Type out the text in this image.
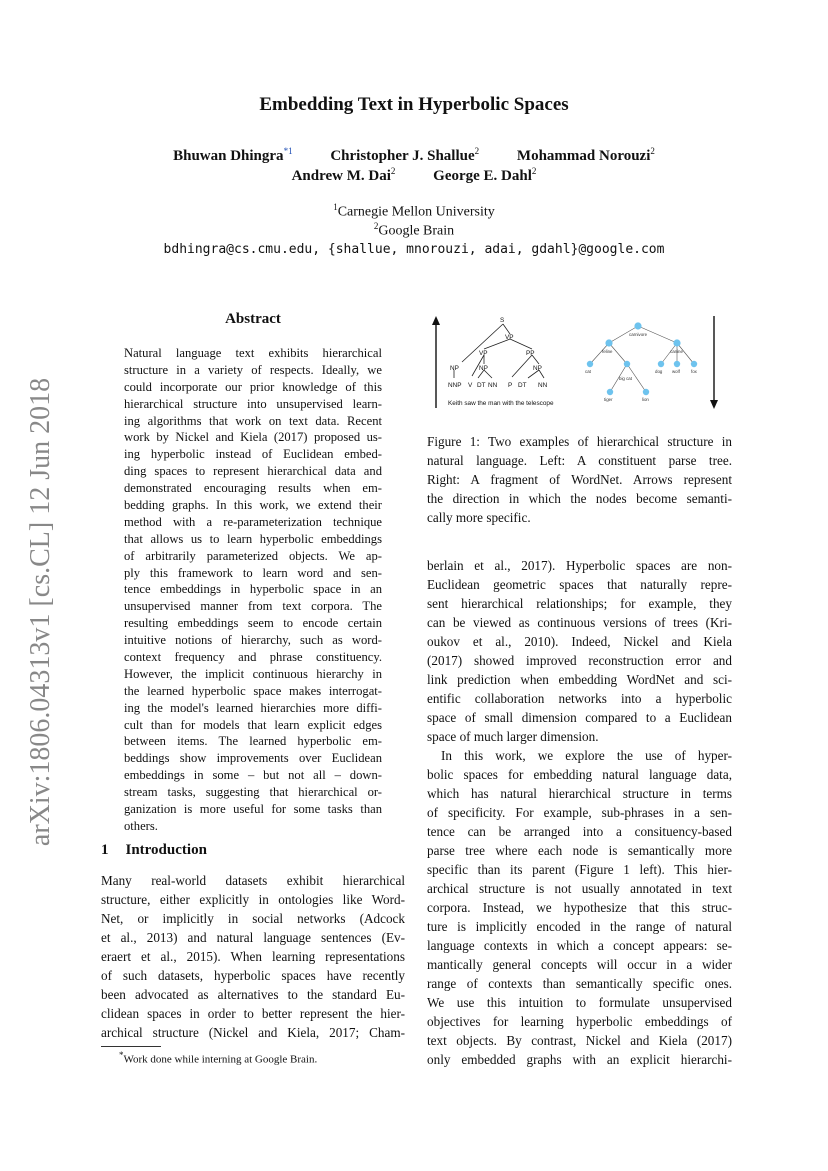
arXiv:1806.04313v1 [cs.CL] 12 Jun 2018
Embedding Text in Hyperbolic Spaces
Bhuwan Dhingra$^{*1}$	Christopher J. Shallue$^2$	Mohammad Norouzi$^2$
Andrew M. Dai$^2$	George E. Dahl$^2$
$^1$Carnegie Mellon University
$^2$Google Brain
bdhingra@cs.cmu.edu, {shallue, mnorouzi, adai, gdahl}@google.com
Abstract
Natural language text exhibits hierarchical
structure in a variety of respects. Ideally, we
could incorporate our prior knowledge of this
hierarchical structure into unsupervised learn-
ing algorithms that work on text data. Recent
work by Nickel and Kiela (2017) proposed us-
ing hyperbolic instead of Euclidean embed-
ding spaces to represent hierarchical data and
demonstrated encouraging results when em-
bedding graphs. In this work, we extend their
method with a re-parameterization technique
that allows us to learn hyperbolic embeddings
of arbitrarily parameterized objects. We ap-
ply this framework to learn word and sen-
tence embeddings in hyperbolic space in an
unsupervised manner from text corpora. The
resulting embeddings seem to encode certain
intuitive notions of hierarchy, such as word-
context frequency and phrase constituency.
However, the implicit continuous hierarchy in
the learned hyperbolic space makes interrogat-
ing the model's learned hierarchies more diffi-
cult than for models that learn explicit edges
between items. The learned hyperbolic em-
beddings show improvements over Euclidean
embeddings in some – but not all – down-
stream tasks, suggesting that hierarchical or-
ganization is more useful for some tasks than
others.
1 Introduction
Many real-world datasets exhibit hierarchical
structure, either explicitly in ontologies like Word-
Net, or implicitly in social networks (Adcock
et al., 2013) and natural language sentences (Ev-
eraert et al., 2015). When learning representations
of such datasets, hyperbolic spaces have recently
been advocated as alternatives to the standard Eu-
clidean spaces in order to better represent the hier-
archical structure (Nickel and Kiela, 2017; Cham-
*Work done while interning at Google Brain.
S
VP
VP	PP
NP	NP	NP
NNP V DT NN P DT NN
Keith saw the man with the telescope
carnivore
feline	canine
cat
big cat
dog wolf	fox
tiger	lion
Figure 1: Two examples of hierarchical structure in
natural language. Left: A constituent parse tree.
Right: A fragment of WordNet. Arrows represent
the direction in which the nodes become semanti-
cally more specific.
berlain et al., 2017). Hyperbolic spaces are non-
Euclidean geometric spaces that naturally repre-
sent hierarchical relationships; for example, they
can be viewed as continuous versions of trees (Kri-
oukov et al., 2010). Indeed, Nickel and Kiela
(2017) showed improved reconstruction error and
link prediction when embedding WordNet and sci-
entific collaboration networks into a hyperbolic
space of small dimension compared to a Euclidean
space of much larger dimension.
In this work, we explore the use of hyper-
bolic spaces for embedding natural language data,
which has natural hierarchical structure in terms
of specificity. For example, sub-phrases in a sen-
tence can be arranged into a consituency-based
parse tree where each node is semantically more
specific than its parent (Figure 1 left). This hier-
archical structure is not usually annotated in text
corpora. Instead, we hypothesize that this struc-
ture is implicitly encoded in the range of natural
language contexts in which a concept appears: se-
mantically general concepts will occur in a wider
range of contexts than semantically specific ones.
We use this intuition to formulate unsupervised
objectives for learning hyperbolic embeddings of
text objects. By contrast, Nickel and Kiela (2017)
only embedded graphs with an explicit hierarchi-
